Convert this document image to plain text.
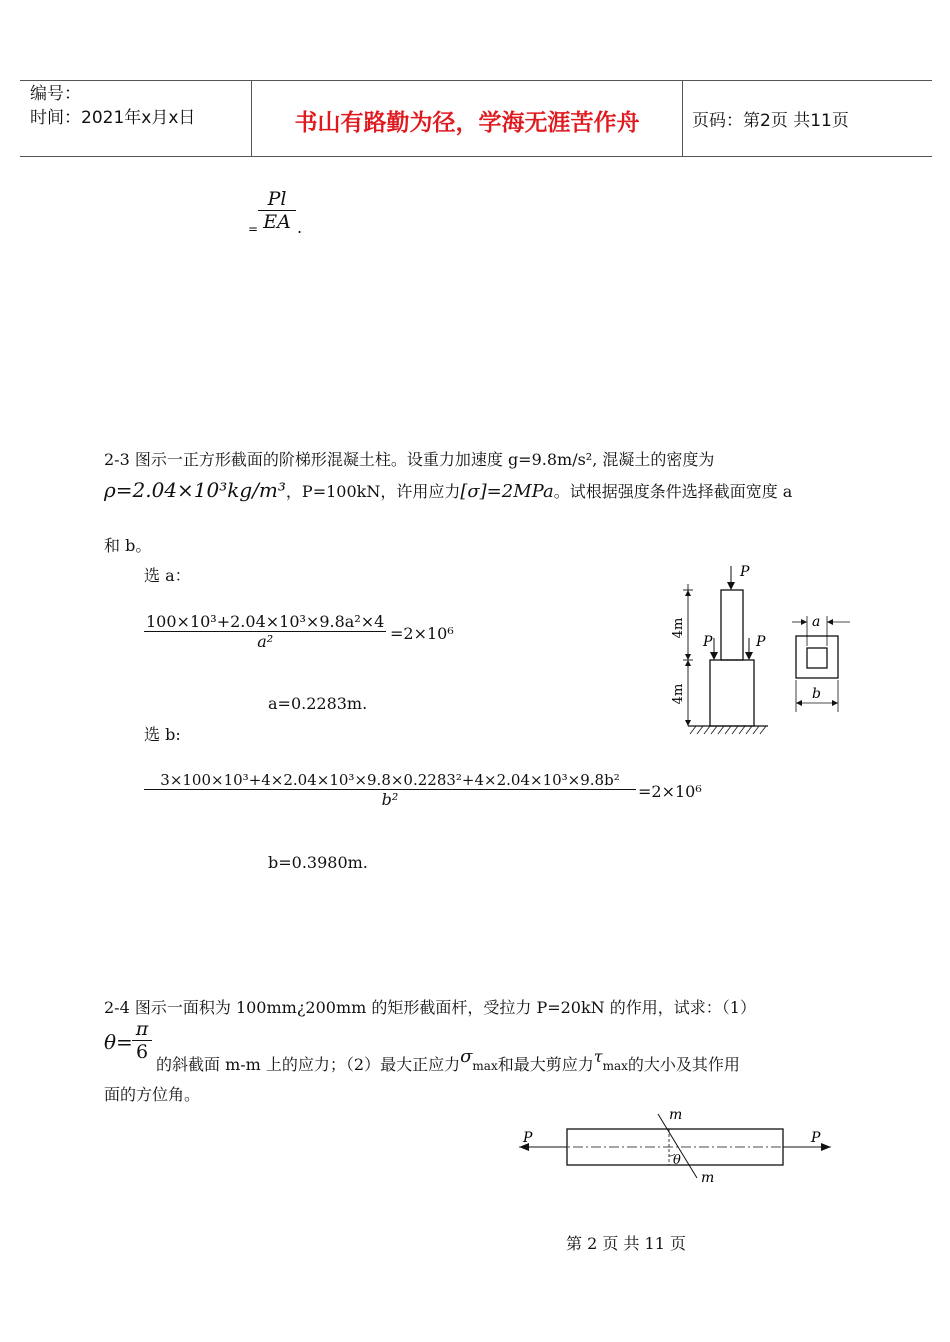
编号：
时间：2021年x月x日	书山有路勤为径，学海无涯苦作舟	页码：第2页 共11页
Pl
EA
= .
2-3 图示一正方形截面的阶梯形混凝土柱。设重力加速度 g=9.8m/s², 混凝土的密度为
ρ=2.04×10³kg/m³，P=100kN，许用应力[σ]=2MPa。试根据强度条件选择截面宽度 a
和 b。
选 a：
100×10³+2.04×10³×9.8a²×4
a²	=2×10⁶
a=0.2283m.
选 b:
3×100×10³+4×2.04×10³×9.8×0.2283²+4×2.04×10³×9.8b²
b²	=2×10⁶
b=0.3980m.
P
P	P
4m
4m
a
b
2-4 图示一面积为 100mm¿200mm 的矩形截面杆，受拉力 P=20kN 的作用，试求：（1）
θ=
π
6
的斜截面 m-m 上的应力；（2）最大正应力σmax和最大剪应力τmax的大小及其作用
面的方位角。
P	P
m
m
θ
第 2 页 共 11 页
